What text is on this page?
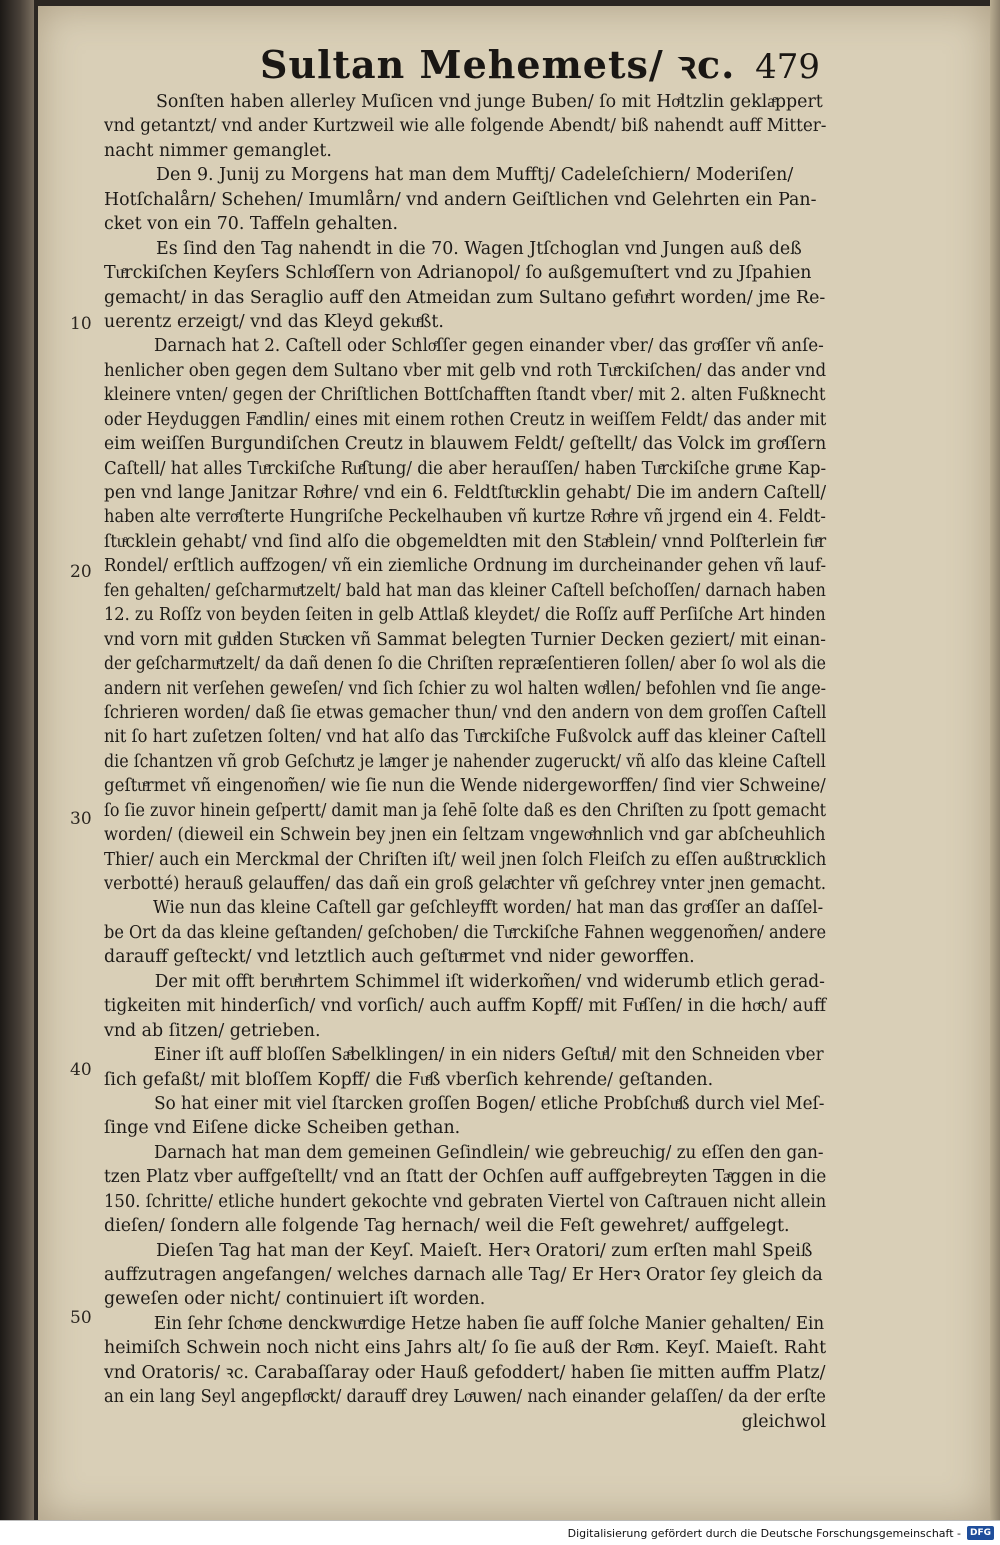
Sultan Mehemets/ ꝛc. 479
10
20
30
40
50
Sonſten haben allerley Muſicen vnd junge Buben/ ſo mit Hoͤltzlin geklaͤppert
vnd getantzt/ vnd ander Kurtzweil wie alle folgende Abendt/ biß nahendt auff Mitter-
nacht nimmer gemanglet.
Den 9. Junij zu Morgens hat man dem Mufftj/ Cadeleſchiern/ Moderiſen/
Hotſchalårn/ Schehen/ Imumlårn/ vnd andern Geiſtlichen vnd Gelehrten ein Pan-
cket von ein 70. Taffeln gehalten.
Es ſind den Tag nahendt in die 70. Wagen Jtſchoglan vnd Jungen auß deß
Tuͤrckiſchen Keyſers Schloͤſſern von Adrianopol/ ſo außgemuſtert vnd zu Jſpahien
gemacht/ in das Seraglio auff den Atmeidan zum Sultano gefuͤhrt worden/ jme Re-
uerentz erzeigt/ vnd das Kleyd gekuͤßt.
Darnach hat 2. Caſtell oder Schloͤſſer gegen einander vber/ das groͤſſer vñ anſe-
henlicher oben gegen dem Sultano vber mit gelb vnd roth Tuͤrckiſchen/ das ander vnd
kleinere vnten/ gegen der Chriſtlichen Bottſchafften ſtandt vber/ mit 2. alten Fußknecht
oder Heyduggen Faͤndlin/ eines mit einem rothen Creutz in weiſſem Feldt/ das ander mit
eim weiſſen Burgundiſchen Creutz in blauwem Feldt/ geſtellt/ das Volck im groͤſſern
Caſtell/ hat alles Tuͤrckiſche Ruͤſtung/ die aber herauſſen/ haben Tuͤrckiſche gruͤne Kap-
pen vnd lange Janitzar Roͤhre/ vnd ein 6. Feldtſtuͤcklin gehabt/ Die im andern Caſtell/
haben alte verroͤſterte Hungriſche Peckelhauben vñ kurtze Roͤhre vñ jrgend ein 4. Feldt-
ſtuͤcklein gehabt/ vnd ſind alſo die obgemeldten mit den Staͤblein/ vnnd Polſterlein fuͤr
Rondel/ erſtlich auffzogen/ vñ ein ziemliche Ordnung im durcheinander gehen vñ lauf-
fen gehalten/ geſcharmuͤtzelt/ bald hat man das kleiner Caſtell beſchoſſen/ darnach haben
12. zu Roſſz von beyden ſeiten in gelb Attlaß kleydet/ die Roſſz auff Perſiſche Art hinden
vnd vorn mit guͤlden Stuͤcken vñ Sammat belegten Turnier Decken geziert/ mit einan-
der geſcharmuͤtzelt/ da dañ denen ſo die Chriſten repræſentieren ſollen/ aber ſo wol als die
andern nit verſehen geweſen/ vnd ſich ſchier zu wol halten woͤllen/ befohlen vnd ſie ange-
ſchrieren worden/ daß ſie etwas gemacher thun/ vnd den andern von dem groſſen Caſtell
nit ſo hart zuſetzen ſolten/ vnd hat alſo das Tuͤrckiſche Fußvolck auff das kleiner Caſtell
die ſchantzen vñ grob Geſchuͤtz je laͤnger je nahender zugeruckt/ vñ alſo das kleine Caſtell
geſtuͤrmet vñ eingenom̃en/ wie ſie nun die Wende nidergeworffen/ ſind vier Schweine/
ſo ſie zuvor hinein geſpertt/ damit man ja ſehē ſolte daß es den Chriſten zu ſpott gemacht
worden/ (dieweil ein Schwein bey jnen ein ſeltzam vngewoͤhnlich vnd gar abſcheuhlich
Thier/ auch ein Merckmal der Chriſten iſt/ weil jnen ſolch Fleiſch zu eſſen außtruͤcklich
verbotté) herauß gelauffen/ das dañ ein groß gelaͤchter vñ geſchrey vnter jnen gemacht.
Wie nun das kleine Caſtell gar geſchleyfft worden/ hat man das groͤſſer an daſſel-
be Ort da das kleine geſtanden/ geſchoben/ die Tuͤrckiſche Fahnen weggenom̃en/ andere
darauff geſteckt/ vnd letztlich auch geſtuͤrmet vnd nider geworffen.
Der mit offt beruͤhrtem Schimmel iſt widerkom̃en/ vnd widerumb etlich gerad-
tigkeiten mit hinderſich/ vnd vorſich/ auch auffm Kopff/ mit Fuͤſſen/ in die hoͤch/ auff
vnd ab ſitzen/ getrieben.
Einer iſt auff bloſſen Saͤbelklingen/ in ein niders Geſtuͤl/ mit den Schneiden vber
ſich gefaßt/ mit bloſſem Kopff/ die Fuͤß vberſich kehrende/ geſtanden.
So hat einer mit viel ſtarcken groſſen Bogen/ etliche Probſchuͤß durch viel Meſ-
ſinge vnd Eiſene dicke Scheiben gethan.
Darnach hat man dem gemeinen Geſindlein/ wie gebreuchig/ zu eſſen den gan-
tzen Platz vber auffgeſtellt/ vnd an ſtatt der Ochſen auff auffgebreyten Taͤggen in die
150. ſchritte/ etliche hundert gekochte vnd gebraten Viertel von Caſtrauen nicht allein
dieſen/ ſondern alle folgende Tag hernach/ weil die Feſt gewehret/ auffgelegt.
Dieſen Tag hat man der Keyſ. Maieſt. Herꝛ Oratori/ zum erſten mahl Speiß
auffzutragen angefangen/ welches darnach alle Tag/ Er Herꝛ Orator ſey gleich da
geweſen oder nicht/ continuiert iſt worden.
Ein ſehr ſchoͤne denckwuͤrdige Hetze haben ſie auff ſolche Manier gehalten/ Ein
heimiſch Schwein noch nicht eins Jahrs alt/ ſo ſie auß der Roͤm. Keyſ. Maieſt. Raht
vnd Oratoris/ ꝛc. Carabaſſaray oder Hauß gefoddert/ haben ſie mitten auffm Platz/
an ein lang Seyl angepfloͤckt/ darauff drey Loͤuwen/ nach einander gelaſſen/ da der erſte
gleichwol
Digitalisierung gefördert durch die Deutsche Forschungsgemeinschaft -	DFG
